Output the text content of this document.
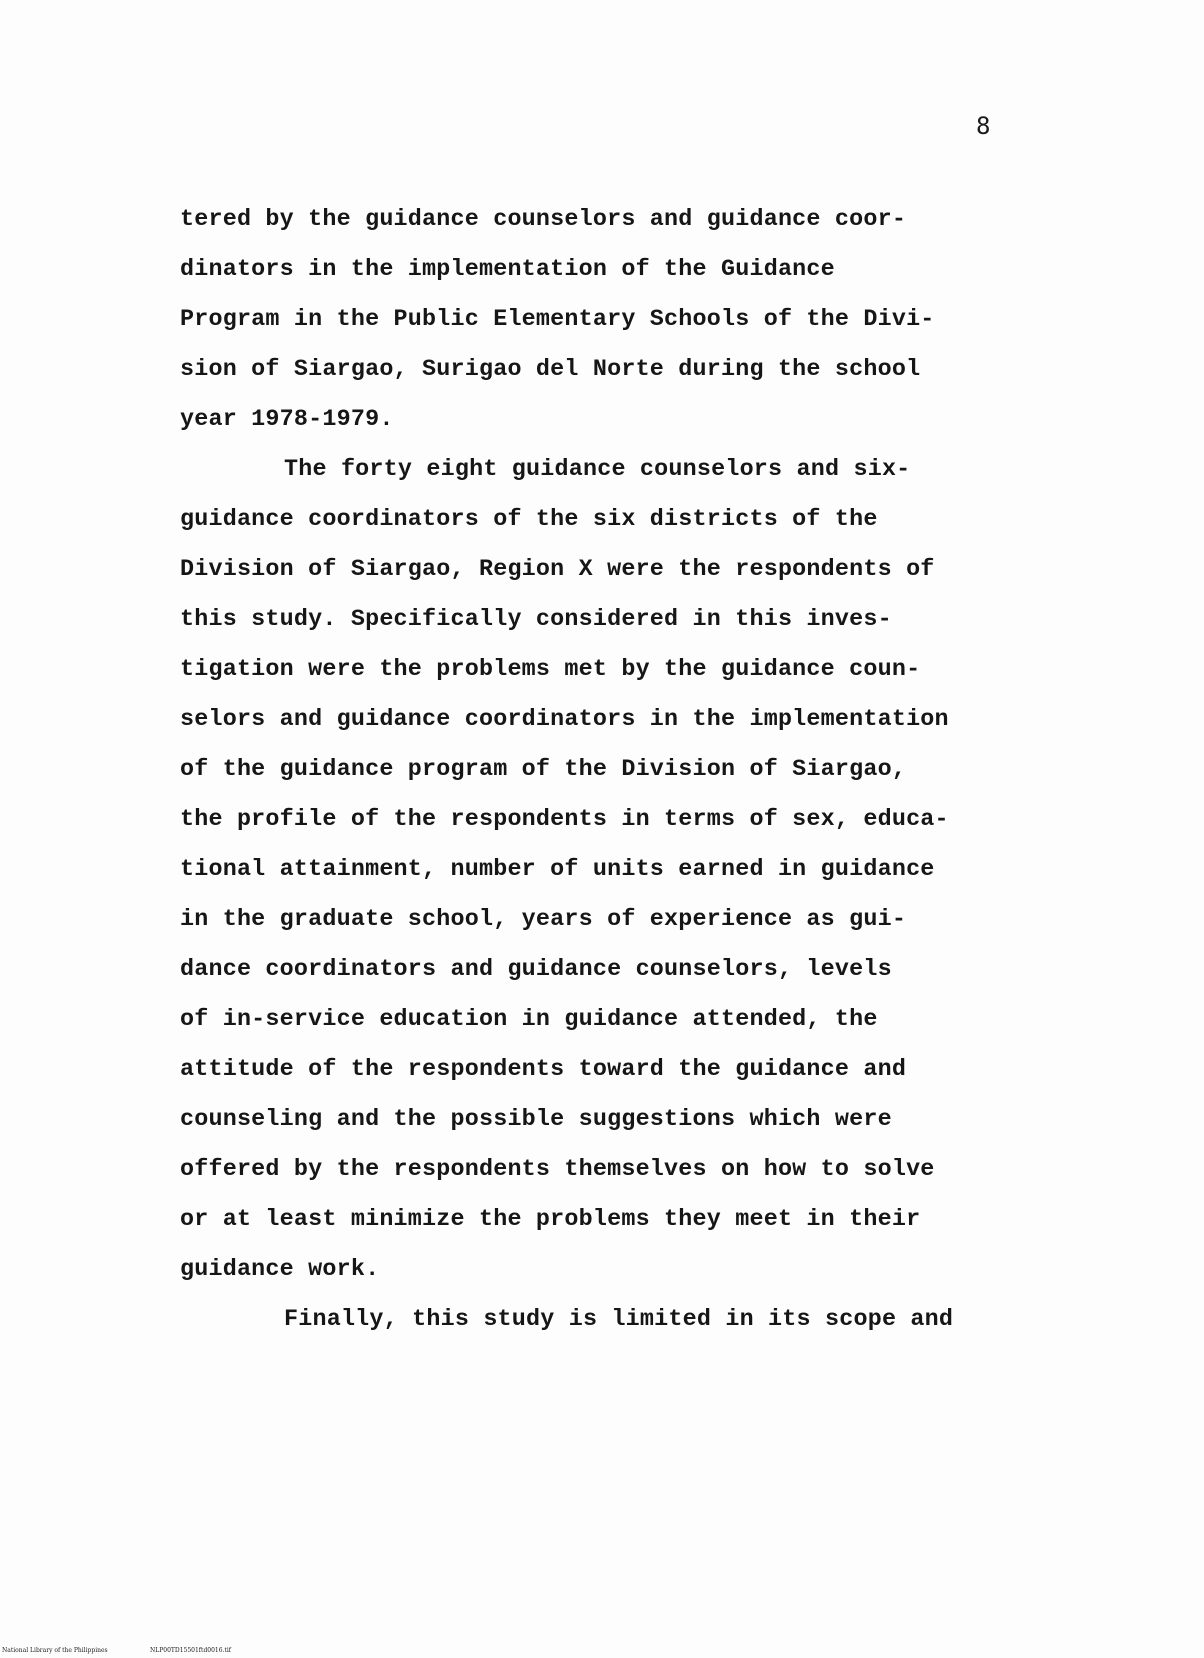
8
tered by the guidance counselors and guidance coor-
dinators in the implementation of the Guidance
Program in the Public Elementary Schools of the Divi-
sion of Siargao, Surigao del Norte during the school
year 1978-1979.
The forty eight guidance counselors and six-
guidance coordinators of the six districts of the
Division of Siargao, Region X were the respondents of
this study. Specifically considered in this inves-
tigation were the problems met by the guidance coun-
selors and guidance coordinators in the implementation
of the guidance program of the Division of Siargao,
the profile of the respondents in terms of sex, educa-
tional attainment, number of units earned in guidance
in the graduate school, years of experience as gui-
dance coordinators and guidance counselors, levels
of in-service education in guidance attended, the
attitude of the respondents toward the guidance and
counseling and the possible suggestions which were
offered by the respondents themselves on how to solve
or at least minimize the problems they meet in their
guidance work.
Finally, this study is limited in its scope and
National Library of the Philippines	NLP00TD15501ftd0016.tif
